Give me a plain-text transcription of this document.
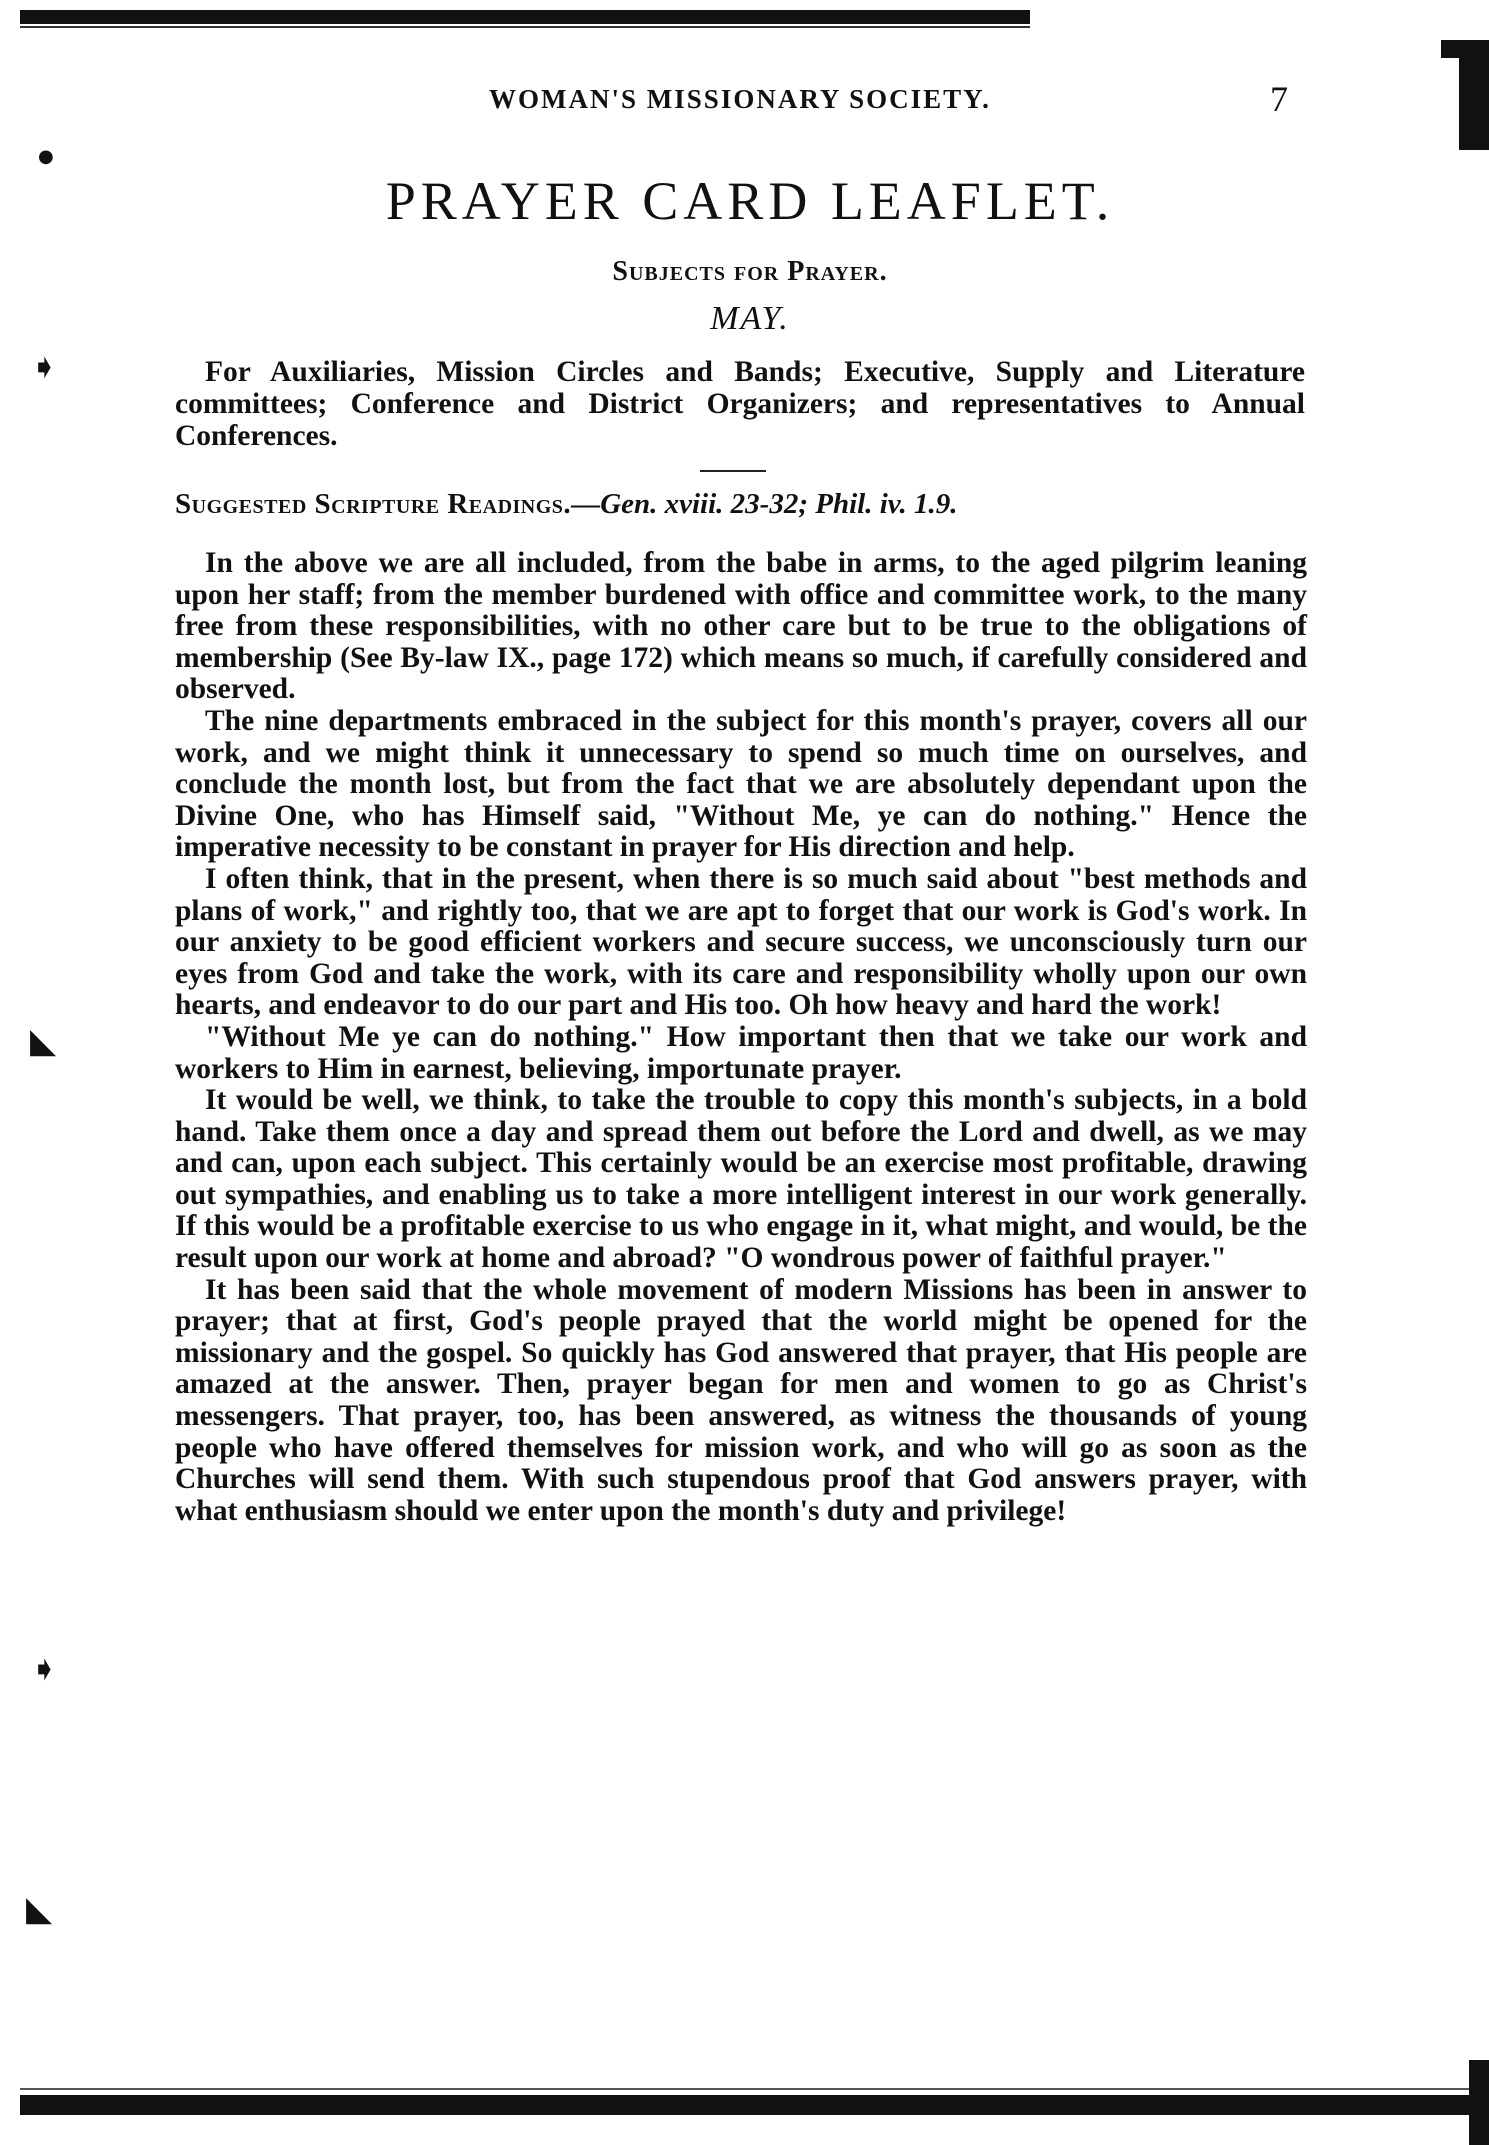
●
➧
◣
➧
◣
WOMAN'S MISSIONARY SOCIETY.	7
PRAYER CARD LEAFLET.
Subjects for Prayer.
MAY.

For Auxiliaries, Mission Circles and Bands; Executive, Supply and Literature committees; Conference and District Organizers; and representatives to Annual Conferences.

Suggested Scripture Readings.—Gen. xviii. 23-32; Phil. iv. 1.9.

In the above we are all included, from the babe in arms, to the aged pilgrim leaning upon her staff; from the member burdened with office and committee work, to the many free from these responsibilities, with no other care but to be true to the obligations of membership (See By-law IX., page 172) which means so much, if carefully considered and observed.

The nine departments embraced in the subject for this month's prayer, covers all our work, and we might think it unnecessary to spend so much time on ourselves, and conclude the month lost, but from the fact that we are absolutely dependant upon the Divine One, who has Himself said, "Without Me, ye can do nothing." Hence the imperative necessity to be constant in prayer for His direction and help.

I often think, that in the present, when there is so much said about "best methods and plans of work," and rightly too, that we are apt to forget that our work is God's work. In our anxiety to be good efficient workers and secure success, we unconsciously turn our eyes from God and take the work, with its care and responsibility wholly upon our own hearts, and endeavor to do our part and His too. Oh how heavy and hard the work!

"Without Me ye can do nothing." How important then that we take our work and workers to Him in earnest, believing, importunate prayer.

It would be well, we think, to take the trouble to copy this month's subjects, in a bold hand. Take them once a day and spread them out before the Lord and dwell, as we may and can, upon each subject. This certainly would be an exercise most profitable, drawing out sympathies, and enabling us to take a more intelligent interest in our work generally. If this would be a profitable exercise to us who engage in it, what might, and would, be the result upon our work at home and abroad? "O wondrous power of faithful prayer."

It has been said that the whole movement of modern Missions has been in answer to prayer; that at first, God's people prayed that the world might be opened for the missionary and the gospel. So quickly has God answered that prayer, that His people are amazed at the answer. Then, prayer began for men and women to go as Christ's messengers. That prayer, too, has been answered, as witness the thousands of young people who have offered themselves for mission work, and who will go as soon as the Churches will send them. With such stupendous proof that God answers prayer, with what enthusiasm should we enter upon the month's duty and privilege!
